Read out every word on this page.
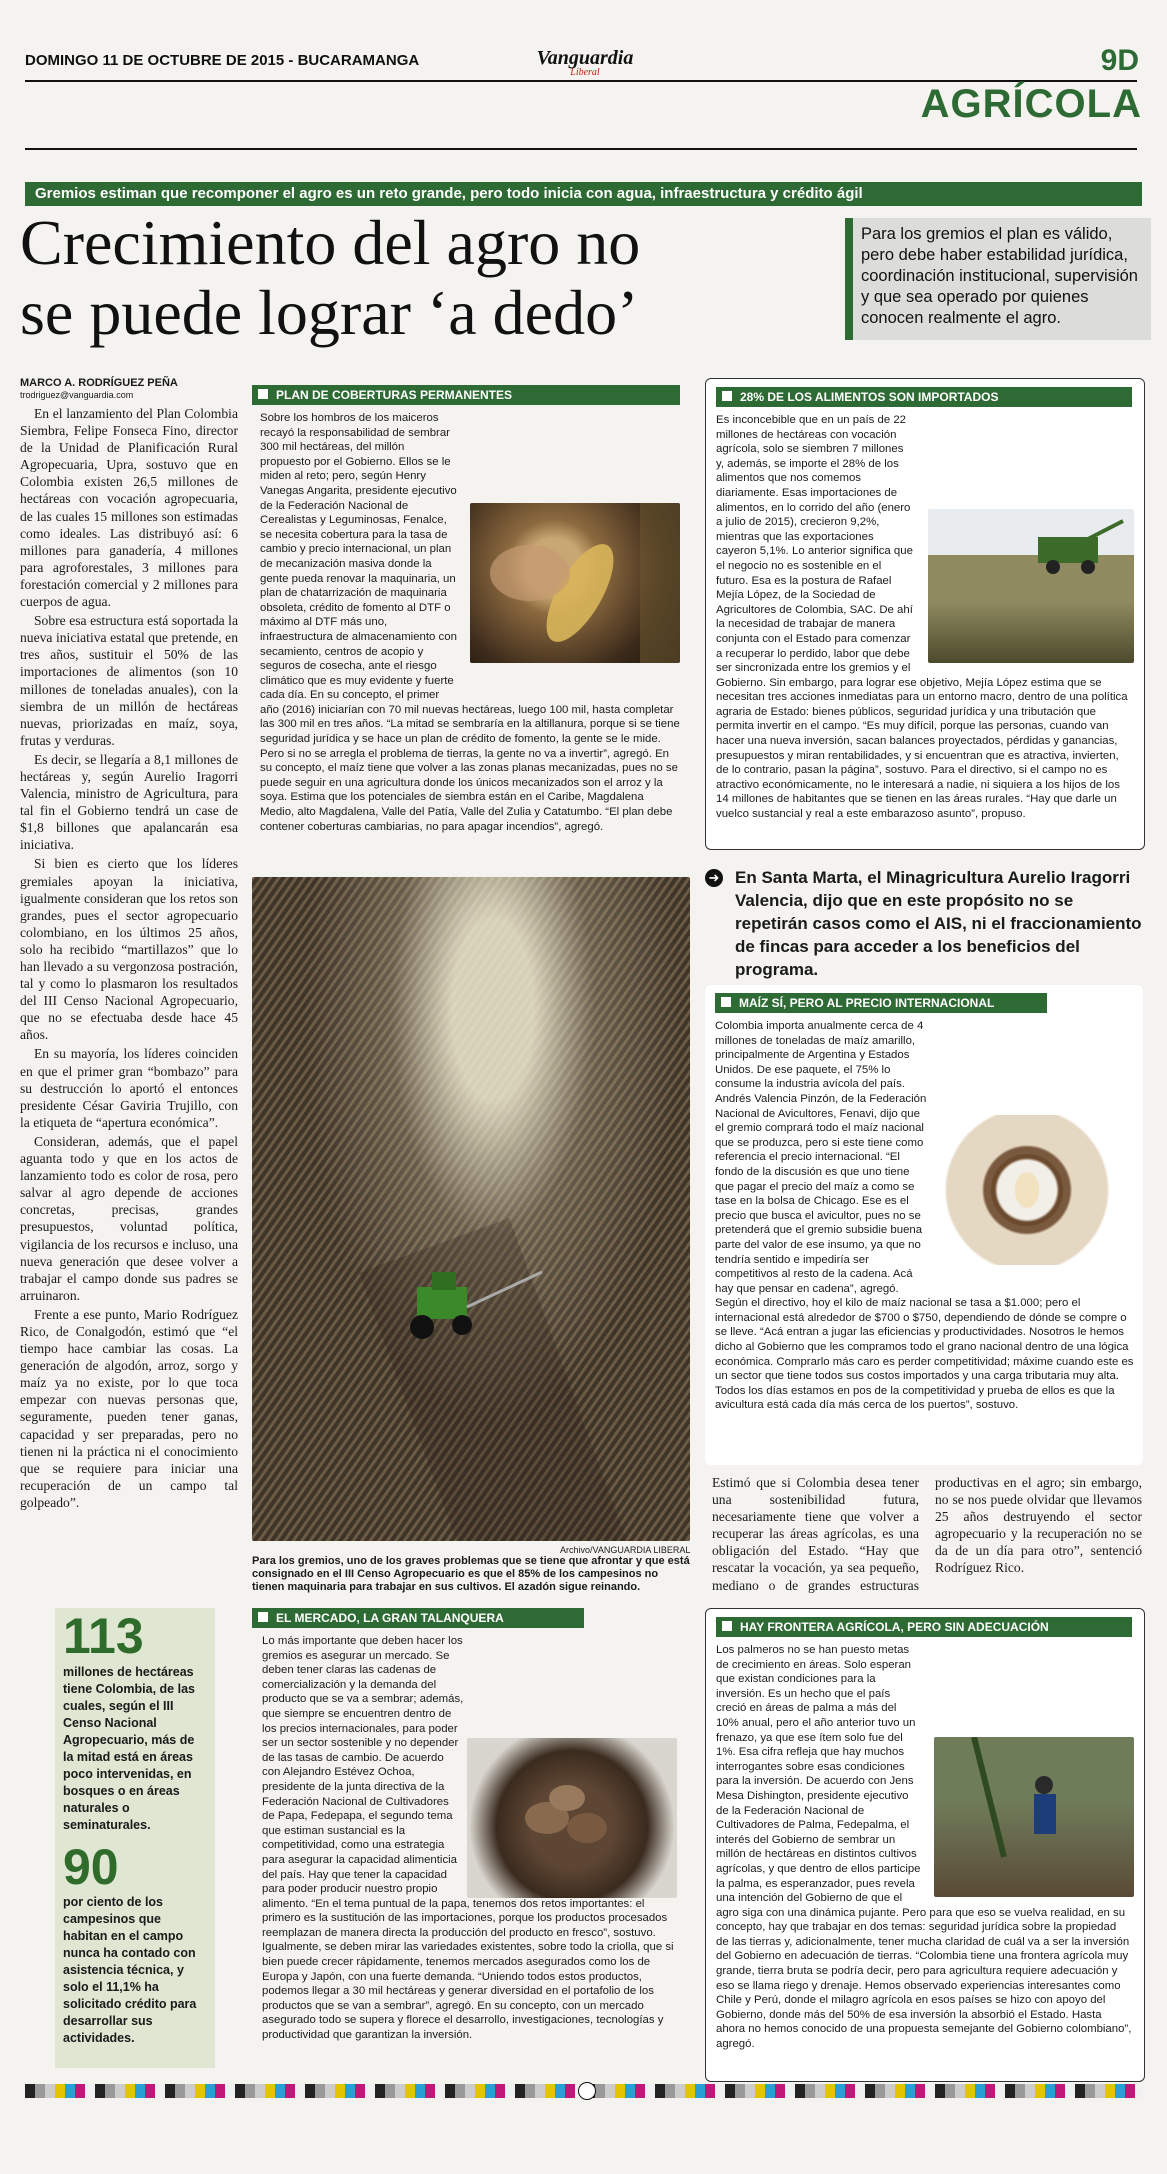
DOMINGO 11 DE OCTUBRE DE 2015 - BUCARAMANGA	Vanguardia
Liberal	9D
AGRÍCOLA
Gremios estiman que recomponer el agro es un reto grande, pero todo inicia con agua, infraestructura y crédito ágil
Crecimiento del agro no
se puede lograr ‘a dedo’
Para los gremios el plan es válido, pero debe haber estabilidad jurídica, coordinación institucional, supervisión y que sea operado por quienes conocen realmente el agro.
MARCO A. RODRÍGUEZ PEÑA
trodriguez@vanguardia.com

En el lanzamiento del Plan Colombia Siembra, Felipe Fonseca Fino, director de la Unidad de Planificación Rural Agropecuaria, Upra, sostuvo que en Colombia existen 26,5 millones de hectáreas con vocación agropecuaria, de las cuales 15 millones son estimadas como ideales. Las distribuyó así: 6 millones para ganadería, 4 millones para agroforestales, 3 millones para forestación comercial y 2 millones para cuerpos de agua.

Sobre esa estructura está soportada la nueva iniciativa estatal que pretende, en tres años, sustituir el 50% de las importaciones de alimentos (son 10 millones de toneladas anuales), con la siembra de un millón de hectáreas nuevas, priorizadas en maíz, soya, frutas y verduras.

Es decir, se llegaría a 8,1 millones de hectáreas y, según Aurelio Iragorri Valencia, ministro de Agricultura, para tal fin el Gobierno tendrá un case de $1,8 billones que apalancarán esa iniciativa.

Si bien es cierto que los líderes gremiales apoyan la iniciativa, igualmente consideran que los retos son grandes, pues el sector agropecuario colombiano, en los últimos 25 años, solo ha recibido “martillazos” que lo han llevado a su vergonzosa postración, tal y como lo plasmaron los resultados del III Censo Nacional Agropecuario, que no se efectuaba desde hace 45 años.

En su mayoría, los líderes coinciden en que el primer gran “bombazo” para su destrucción lo aportó el entonces presidente César Gaviria Trujillo, con la etiqueta de “apertura económica”.

Consideran, además, que el papel aguanta todo y que en los actos de lanzamiento todo es color de rosa, pero salvar al agro depende de acciones concretas, precisas, grandes presupuestos, voluntad política, vigilancia de los recursos e incluso, una nueva generación que desee volver a trabajar el campo donde sus padres se arruinaron.

Frente a ese punto, Mario Rodríguez Rico, de Conalgodón, estimó que “el tiempo hace cambiar las cosas. La generación de algodón, arroz, sorgo y maíz ya no existe, por lo que toca empezar con nuevas personas que, seguramente, pueden tener ganas, capacidad y ser preparadas, pero no tienen ni la práctica ni el conocimiento que se requiere para iniciar una recuperación de un campo tal golpeado”.

PLAN DE COBERTURAS PERMANENTES

Sobre los hombros de los maiceros recayó la responsabilidad de sembrar 300 mil hectáreas, del millón propuesto por el Gobierno. Ellos se le miden al reto; pero, según Henry Vanegas Angarita, presidente ejecutivo de la Federación Nacional de Cerealistas y Leguminosas, Fenalce, se necesita cobertura para la tasa de cambio y precio internacional, un plan de mecanización masiva donde la gente pueda renovar la maquinaria, un plan de chatarrización de maquinaria obsoleta, crédito de fomento al DTF o máximo al DTF más uno, infraestructura de almacenamiento con secamiento, centros de acopio y seguros de cosecha, ante el riesgo climático que es muy evidente y fuerte cada día. En su concepto, el primer año (2016) iniciarían con 70 mil nuevas hectáreas, luego 100 mil, hasta completar las 300 mil en tres años. “La mitad se sembraría en la altillanura, porque si se tiene seguridad jurídica y se hace un plan de crédito de fomento, la gente se le mide. Pero si no se arregla el problema de tierras, la gente no va a invertir”, agregó. En su concepto, el maíz tiene que volver a las zonas planas mecanizadas, pues no se puede seguir en una agricultura donde los únicos mecanizados son el arroz y la soya. Estima que los potenciales de siembra están en el Caribe, Magdalena Medio, alto Magdalena, Valle del Patía, Valle del Zulia y Catatumbo. “El plan debe contener coberturas cambiarias, no para apagar incendios”, agregó.

28% DE LOS ALIMENTOS SON IMPORTADOS

Es inconcebible que en un país de 22 millones de hectáreas con vocación agrícola, solo se siembren 7 millones y, además, se importe el 28% de los alimentos que nos comemos diariamente. Esas importaciones de alimentos, en lo corrido del año (enero a julio de 2015), crecieron 9,2%, mientras que las exportaciones cayeron 5,1%. Lo anterior significa que el negocio no es sostenible en el futuro. Esa es la postura de Rafael Mejía López, de la Sociedad de Agricultores de Colombia, SAC. De ahí la necesidad de trabajar de manera conjunta con el Estado para comenzar a recuperar lo perdido, labor que debe ser sincronizada entre los gremios y el Gobierno. Sin embargo, para lograr ese objetivo, Mejía López estima que se necesitan tres acciones inmediatas para un entorno macro, dentro de una política agraria de Estado: bienes públicos, seguridad jurídica y una tributación que permita invertir en el campo. “Es muy difícil, porque las personas, cuando van hacer una nueva inversión, sacan balances proyectados, pérdidas y ganancias, presupuestos y miran rentabilidades, y si encuentran que es atractiva, invierten, de lo contrario, pasan la página”, sostuvo. Para el directivo, si el campo no es atractivo económicamente, no le interesará a nadie, ni siquiera a los hijos de los 14 millones de habitantes que se tienen en las áreas rurales. “Hay que darle un vuelco sustancial y real a este embarazoso asunto”, propuso.

➜ En Santa Marta, el Minagricultura Aurelio Iragorri Valencia, dijo que en este propósito no se repetirán casos como el AIS, ni el fraccionamiento de fincas para acceder a los beneficios del programa.
Archivo/VANGUARDIA LIBERAL
Para los gremios, uno de los graves problemas que se tiene que afrontar y que está consignado en el III Censo Agropecuario es que el 85% de los campesinos no tienen maquinaria para trabajar en sus cultivos. El azadón sigue reinando.
MAÍZ SÍ, PERO AL PRECIO INTERNACIONAL

Colombia importa anualmente cerca de 4 millones de toneladas de maíz amarillo, principalmente de Argentina y Estados Unidos. De ese paquete, el 75% lo consume la industria avícola del país. Andrés Valencia Pinzón, de la Federación Nacional de Avicultores, Fenavi, dijo que el gremio comprará todo el maíz nacional que se produzca, pero si este tiene como referencia el precio internacional. “El fondo de la discusión es que uno tiene que pagar el precio del maíz a como se tase en la bolsa de Chicago. Ese es el precio que busca el avicultor, pues no se pretenderá que el gremio subsidie buena parte del valor de ese insumo, ya que no tendría sentido e impediría ser competitivos al resto de la cadena. Acá hay que pensar en cadena”, agregó. Según el directivo, hoy el kilo de maíz nacional se tasa a $1.000; pero el internacional está alrededor de $700 o $750, dependiendo de dónde se compre o se lleve. “Acá entran a jugar las eficiencias y productividades. Nosotros le hemos dicho al Gobierno que les compramos todo el grano nacional dentro de una lógica económica. Comprarlo más caro es perder competitividad; máxime cuando este es un sector que tiene todos sus costos importados y una carga tributaria muy alta. Todos los días estamos en pos de la competitividad y prueba de ellos es que la avicultura está cada día más cerca de los puertos”, sostuvo.

Estimó que si Colombia desea tener una sostenibilidad futura, necesariamente tiene que volver a recuperar las áreas agrícolas, es una obligación del Estado. “Hay que rescatar la vocación, ya sea pequeño, mediano o de grandes estructuras productivas en el agro; sin embargo, no se nos puede olvidar que llevamos 25 años destruyendo el sector agropecuario y la recuperación no se da de un día para otro”, sentenció Rodríguez Rico.
113
millones de hectáreas tiene Colombia, de las cuales, según el III Censo Nacional Agropecuario, más de la mitad está en áreas poco intervenidas, en bosques o en áreas naturales o seminaturales.
90
por ciento de los campesinos que habitan en el campo nunca ha contado con asistencia técnica, y solo el 11,1% ha solicitado crédito para desarrollar sus actividades.
EL MERCADO, LA GRAN TALANQUERA

Lo más importante que deben hacer los gremios es asegurar un mercado. Se deben tener claras las cadenas de comercialización y la demanda del producto que se va a sembrar; además, que siempre se encuentren dentro de los precios internacionales, para poder ser un sector sostenible y no depender de las tasas de cambio. De acuerdo con Alejandro Estévez Ochoa, presidente de la junta directiva de la Federación Nacional de Cultivadores de Papa, Fedepapa, el segundo tema que estiman sustancial es la competitividad, como una estrategia para asegurar la capacidad alimenticia del país. Hay que tener la capacidad para poder producir nuestro propio alimento. “En el tema puntual de la papa, tenemos dos retos importantes: el primero es la sustitución de las importaciones, porque los productos procesados reemplazan de manera directa la producción del producto en fresco”, sostuvo. Igualmente, se deben mirar las variedades existentes, sobre todo la criolla, que si bien puede crecer rápidamente, tenemos mercados asegurados como los de Europa y Japón, con una fuerte demanda. “Uniendo todos estos productos, podemos llegar a 30 mil hectáreas y generar diversidad en el portafolio de los productos que se van a sembrar”, agregó. En su concepto, con un mercado asegurado todo se supera y florece el desarrollo, investigaciones, tecnologías y productividad que garantizan la inversión.

HAY FRONTERA AGRÍCOLA, PERO SIN ADECUACIÓN

Los palmeros no se han puesto metas de crecimiento en áreas. Solo esperan que existan condiciones para la inversión. Es un hecho que el país creció en áreas de palma a más del 10% anual, pero el año anterior tuvo un frenazo, ya que ese ítem solo fue del 1%. Esa cifra refleja que hay muchos interrogantes sobre esas condiciones para la inversión. De acuerdo con Jens Mesa Dishington, presidente ejecutivo de la Federación Nacional de Cultivadores de Palma, Fedepalma, el interés del Gobierno de sembrar un millón de hectáreas en distintos cultivos agrícolas, y que dentro de ellos participe la palma, es esperanzador, pues revela una intención del Gobierno de que el agro siga con una dinámica pujante. Pero para que eso se vuelva realidad, en su concepto, hay que trabajar en dos temas: seguridad jurídica sobre la propiedad de las tierras y, adicionalmente, tener mucha claridad de cuál va a ser la inversión del Gobierno en adecuación de tierras. “Colombia tiene una frontera agrícola muy grande, tierra bruta se podría decir, pero para agricultura requiere adecuación y eso se llama riego y drenaje. Hemos observado experiencias interesantes como Chile y Perú, donde el milagro agrícola en esos países se hizo con apoyo del Gobierno, donde más del 50% de esa inversión la absorbió el Estado. Hasta ahora no hemos conocido de una propuesta semejante del Gobierno colombiano”, agregó.
